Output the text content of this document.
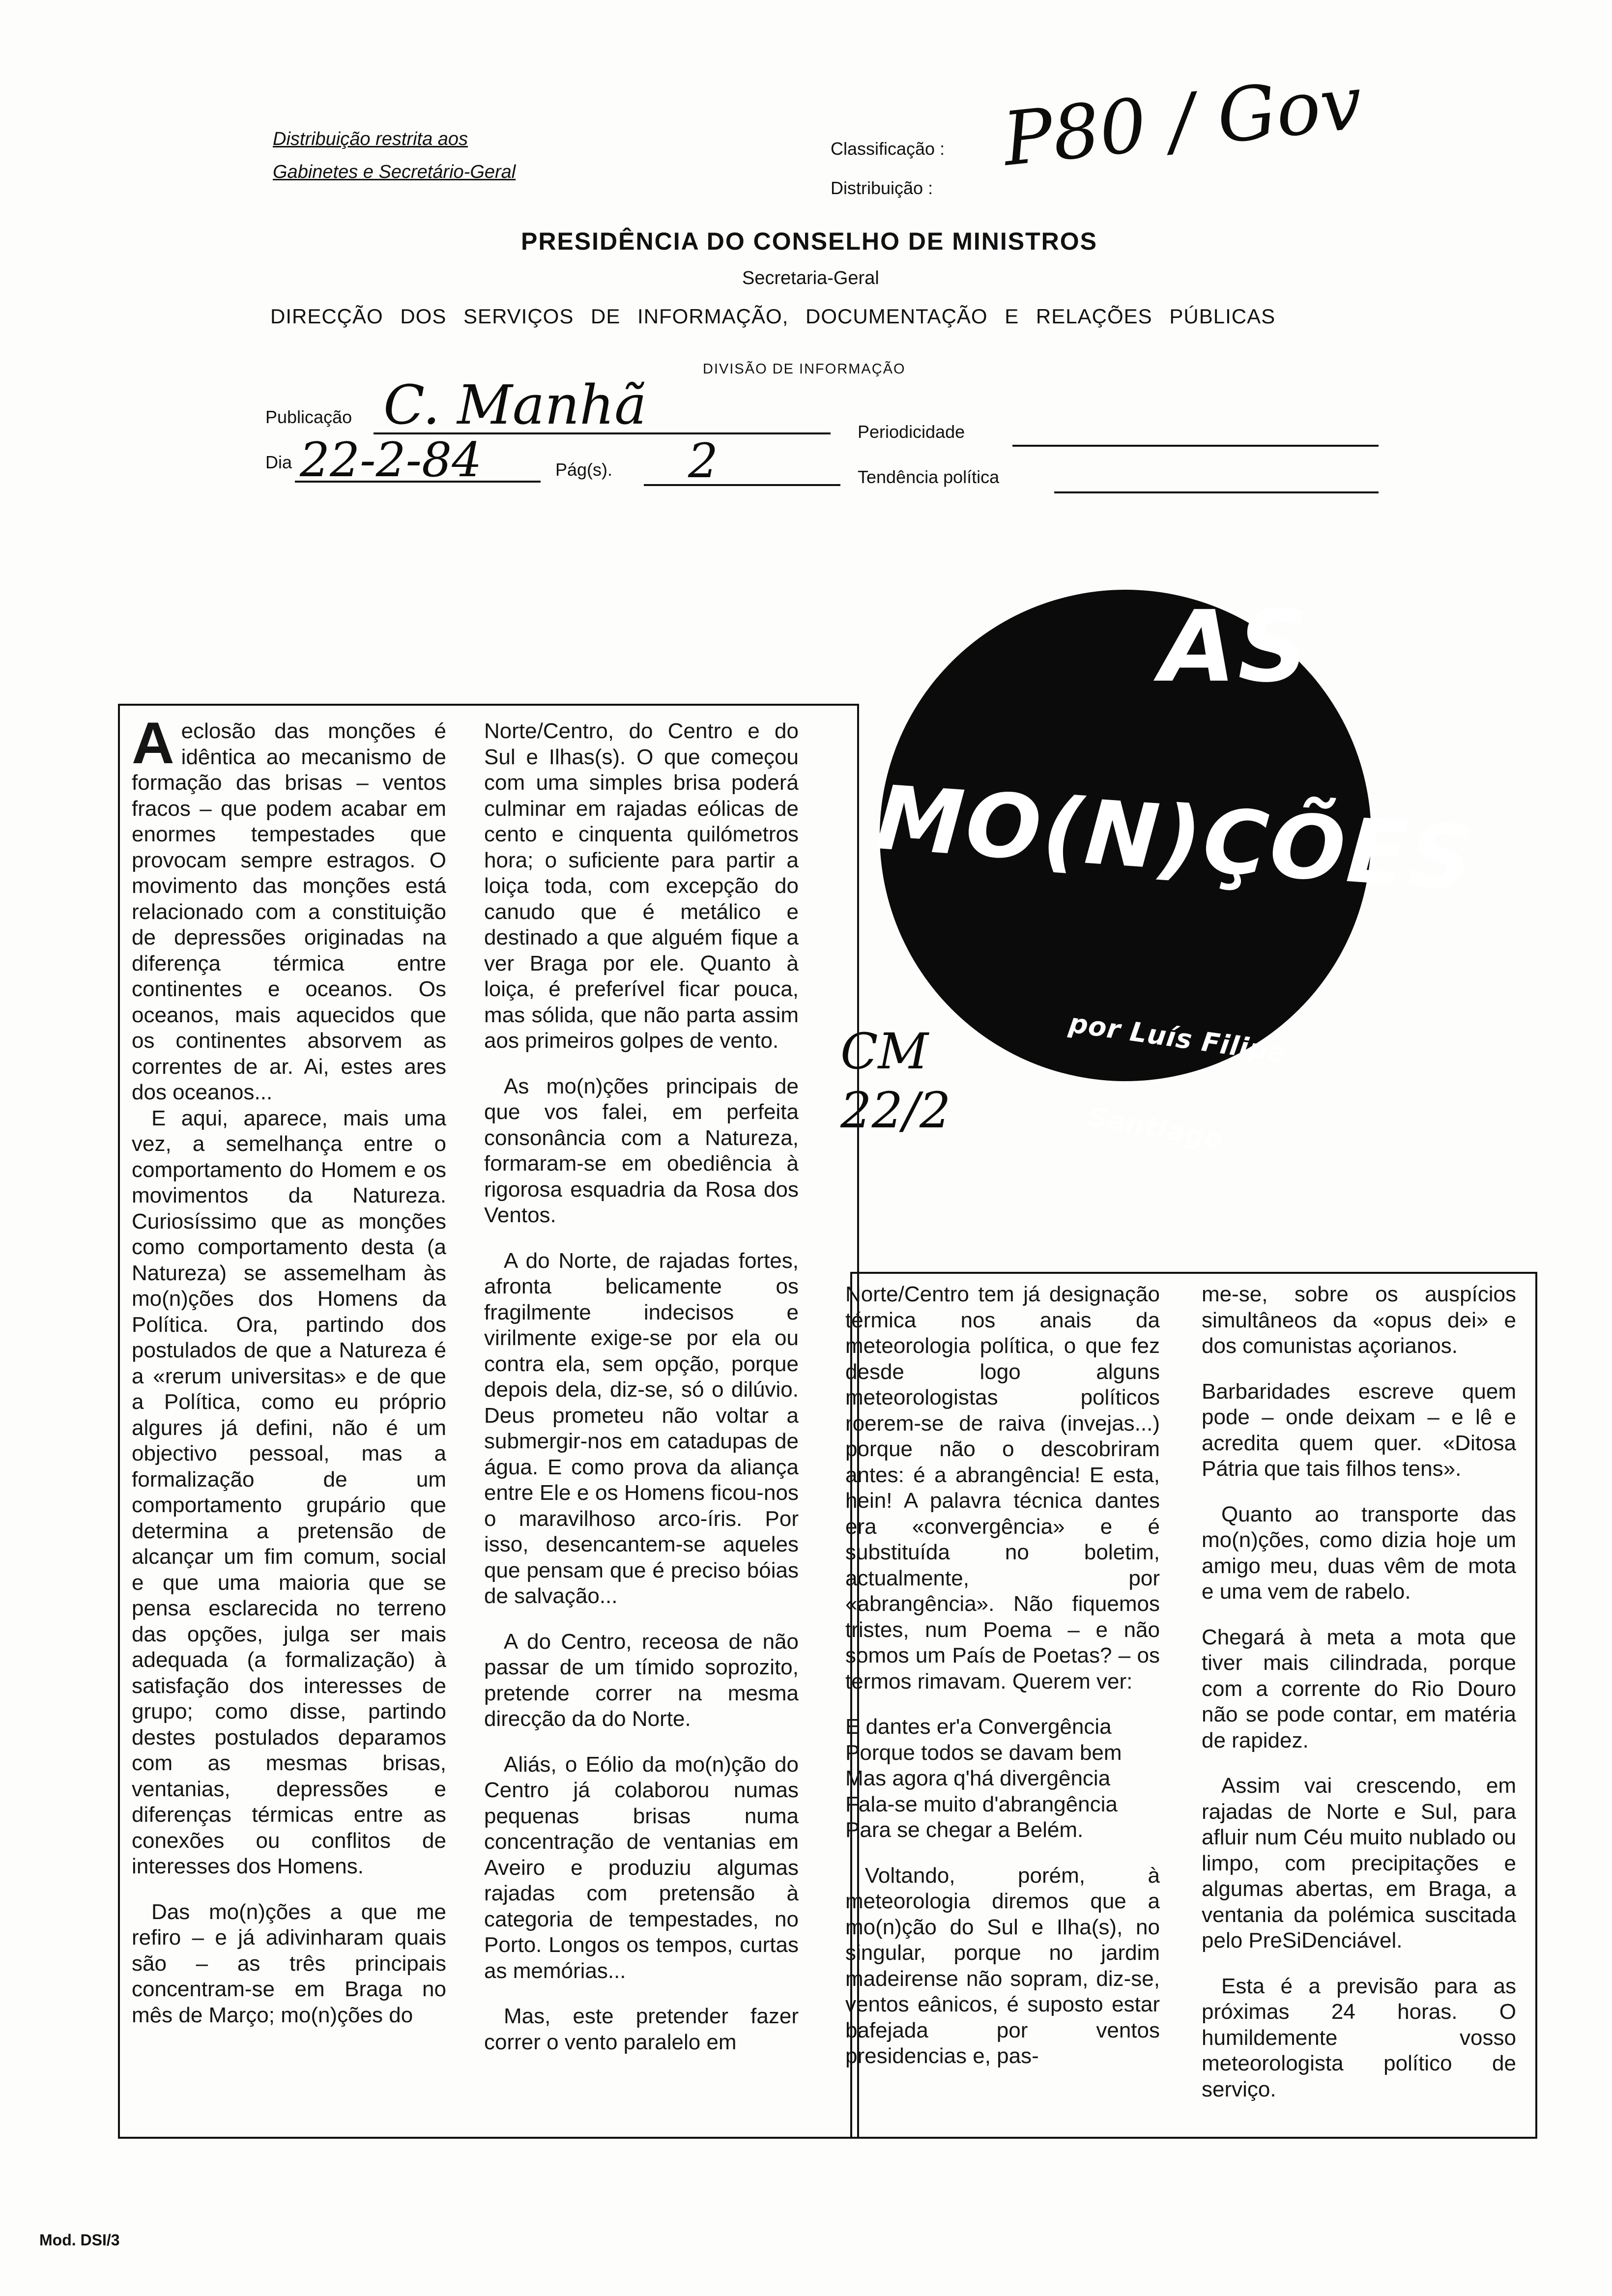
Distribuição restrita aos
Gabinetes e Secretário-Geral
Classificação :
Distribuição :
P80 / Gov
PRESIDÊNCIA DO CONSELHO DE MINISTROS
Secretaria-Geral
DIRECÇÃO DOS SERVIÇOS DE INFORMAÇÃO, DOCUMENTAÇÃO E RELAÇÕES PÚBLICAS
DIVISÃO DE INFORMAÇÃO
Publicação C. Manhã	Periodicidade
Dia 22-2-84	Pág(s). 2	Tendência política
AS
MO(N)ÇÕES
por Luís Filipe
Santiago
CM 22/2

Aeclosão das monções é idêntica ao mecanismo de formação das brisas – ventos fracos – que podem acabar em enormes tempestades que provocam sempre estragos. O movimento das monções está relacionado com a constituição de depressões originadas na diferença térmica entre continentes e oceanos. Os oceanos, mais aquecidos que os continentes absorvem as correntes de ar. Ai, estes ares dos oceanos...

E aqui, aparece, mais uma vez, a semelhança entre o comportamento do Homem e os movimentos da Natureza. Curiosíssimo que as monções como comportamento desta (a Natureza) se assemelham às mo(n)ções dos Homens da Política. Ora, partindo dos postulados de que a Natureza é a «rerum universitas» e de que a Política, como eu próprio algures já defini, não é um objectivo pessoal, mas a formalização de um comportamento grupário que determina a pretensão de alcançar um fim comum, social e que uma maioria que se pensa esclarecida no terreno das opções, julga ser mais adequada (a formalização) à satisfação dos interesses de grupo; como disse, partindo destes postulados deparamos com as mesmas brisas, ventanias, depressões e diferenças térmicas entre as conexões ou conflitos de interesses dos Homens.

Das mo(n)ções a que me refiro – e já adivinharam quais são – as três principais concentram-se em Braga no mês de Março; mo(n)ções do

Norte/Centro, do Centro e do Sul e Ilhas(s). O que começou com uma simples brisa poderá culminar em rajadas eólicas de cento e cinquenta quilómetros hora; o suficiente para partir a loiça toda, com excepção do canudo que é metálico e destinado a que alguém fique a ver Braga por ele. Quanto à loiça, é preferível ficar pouca, mas sólida, que não parta assim aos primeiros golpes de vento.

As mo(n)ções principais de que vos falei, em perfeita consonância com a Natureza, formaram-se em obediência à rigorosa esquadria da Rosa dos Ventos.

A do Norte, de rajadas fortes, afronta belicamente os fragilmente indecisos e virilmente exige-se por ela ou contra ela, sem opção, porque depois dela, diz-se, só o dilúvio. Deus prometeu não voltar a submergir-nos em catadupas de água. E como prova da aliança entre Ele e os Homens ficou-nos o maravilhoso arco-íris. Por isso, desencantem-se aqueles que pensam que é preciso bóias de salvação...

A do Centro, receosa de não passar de um tímido soprozito, pretende correr na mesma direcção da do Norte.

Aliás, o Eólio da mo(n)ção do Centro já colaborou numas pequenas brisas numa concentração de ventanias em Aveiro e produziu algumas rajadas com pretensão à categoria de tempestades, no Porto. Longos os tempos, curtas as memórias...

Mas, este pretender fazer correr o vento paralelo em

Norte/Centro tem já designação térmica nos anais da meteorologia política, o que fez desde logo alguns meteorologistas políticos roerem-se de raiva (invejas...) porque não o descobriram antes: é a abrangência! E esta, hein! A palavra técnica dantes era «convergência» e é substituída no boletim, actualmente, por «abrangência». Não fiquemos tristes, num Poema – e não somos um País de Poetas? – os termos rimavam. Querem ver:

E dantes er'a Convergência
Porque todos se davam bem
Mas agora q'há divergência
Fala-se muito d'abrangência
Para se chegar a Belém.

Voltando, porém, à meteorologia diremos que a mo(n)ção do Sul e Ilha(s), no singular, porque no jardim madeirense não sopram, diz-se, ventos eânicos, é suposto estar bafejada por ventos presidencias e, pas-

me-se, sobre os auspícios simultâneos da «opus dei» e dos comunistas açorianos.

Barbaridades escreve quem pode – onde deixam – e lê e acredita quem quer. «Ditosa Pátria que tais filhos tens».

Quanto ao transporte das mo(n)ções, como dizia hoje um amigo meu, duas vêm de mota e uma vem de rabelo.

Chegará à meta a mota que tiver mais cilindrada, porque com a corrente do Rio Douro não se pode contar, em matéria de rapidez.

Assim vai crescendo, em rajadas de Norte e Sul, para afluir num Céu muito nublado ou limpo, com precipitações e algumas abertas, em Braga, a ventania da polémica suscitada pelo PreSiDenciável.

Esta é a previsão para as próximas 24 horas. O humildemente vosso meteorologista político de serviço.

Mod. DSI/3
